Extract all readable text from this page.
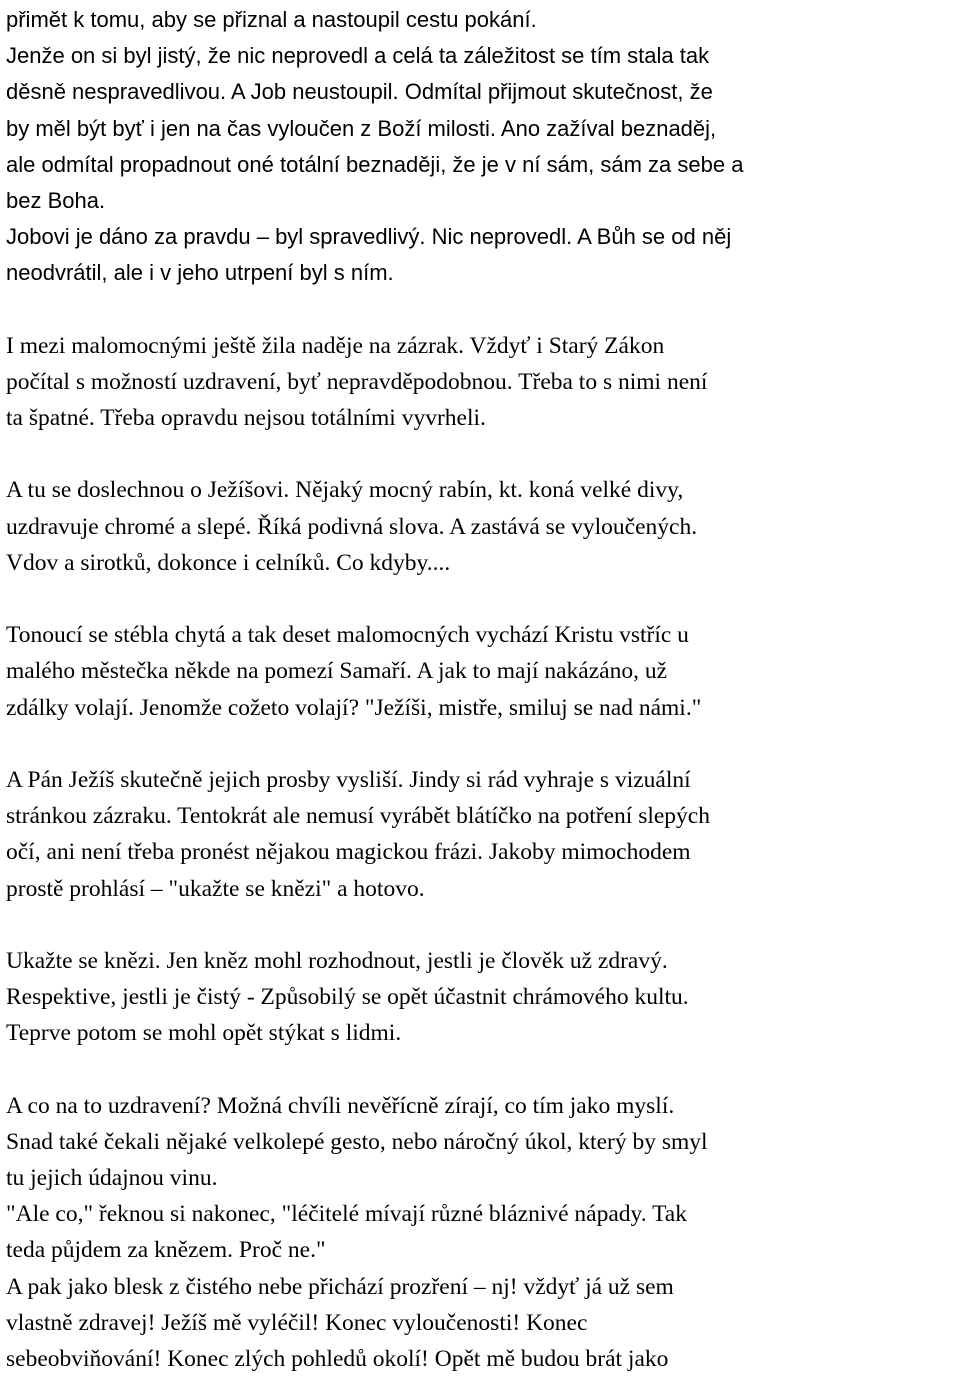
přimět k tomu, aby se přiznal a nastoupil cestu pokání.
Jenže on si byl jistý, že nic neprovedl a celá ta záležitost se tím stala tak
děsně nespravedlivou. A Job neustoupil. Odmítal přijmout skutečnost, že
by měl být byť i jen na čas vyloučen z Boží milosti. Ano zažíval beznaděj,
ale odmítal propadnout oné totální beznaději, že je v ní sám, sám za sebe a
bez Boha.
Jobovi je dáno za pravdu – byl spravedlivý. Nic neprovedl. A Bůh se od něj
neodvrátil, ale i v jeho utrpení byl s ním.
I mezi malomocnými ještě žila naděje na zázrak. Vždyť i Starý Zákon
počítal s možností uzdravení, byť nepravděpodobnou. Třeba to s nimi není
ta špatné. Třeba opravdu nejsou totálními vyvrheli.
A tu se doslechnou o Ježíšovi. Nějaký mocný rabín, kt. koná velké divy,
uzdravuje chromé a slepé. Říká podivná slova. A zastává se vyloučených.
Vdov a sirotků, dokonce i celníků. Co kdyby....
Tonoucí se stébla chytá a tak deset malomocných vychází Kristu vstříc u
malého městečka někde na pomezí Samaří. A jak to mají nakázáno, už
zdálky volají. Jenomže cožeto volají? "Ježíši, mistře, smiluj se nad námi."
A Pán Ježíš skutečně jejich prosby vysliší. Jindy si rád vyhraje s vizuální
stránkou zázraku. Tentokrát ale nemusí vyrábět blátíčko na potření slepých
očí, ani není třeba pronést nějakou magickou frázi. Jakoby mimochodem
prostě prohlásí – "ukažte se knězi" a hotovo.
Ukažte se knězi. Jen kněz mohl rozhodnout, jestli je člověk už zdravý.
Respektive, jestli je čistý - Způsobilý se opět účastnit chrámového kultu.
Teprve potom se mohl opět stýkat s lidmi.
A co na to uzdravení? Možná chvíli nevěřícně zírají, co tím jako myslí.
Snad také čekali nějaké velkolepé gesto, nebo náročný úkol, který by smyl
tu jejich údajnou vinu.
"Ale co," řeknou si nakonec, "léčitelé mívají různé bláznivé nápady. Tak
teda půjdem za knězem. Proč ne."
A pak jako blesk z čistého nebe přichází prozření – nj! vždyť já už sem
vlastně zdravej! Ježíš mě vyléčil! Konec vyloučenosti! Konec
sebeobviňování! Konec zlých pohledů okolí! Opět mě budou brát jako
